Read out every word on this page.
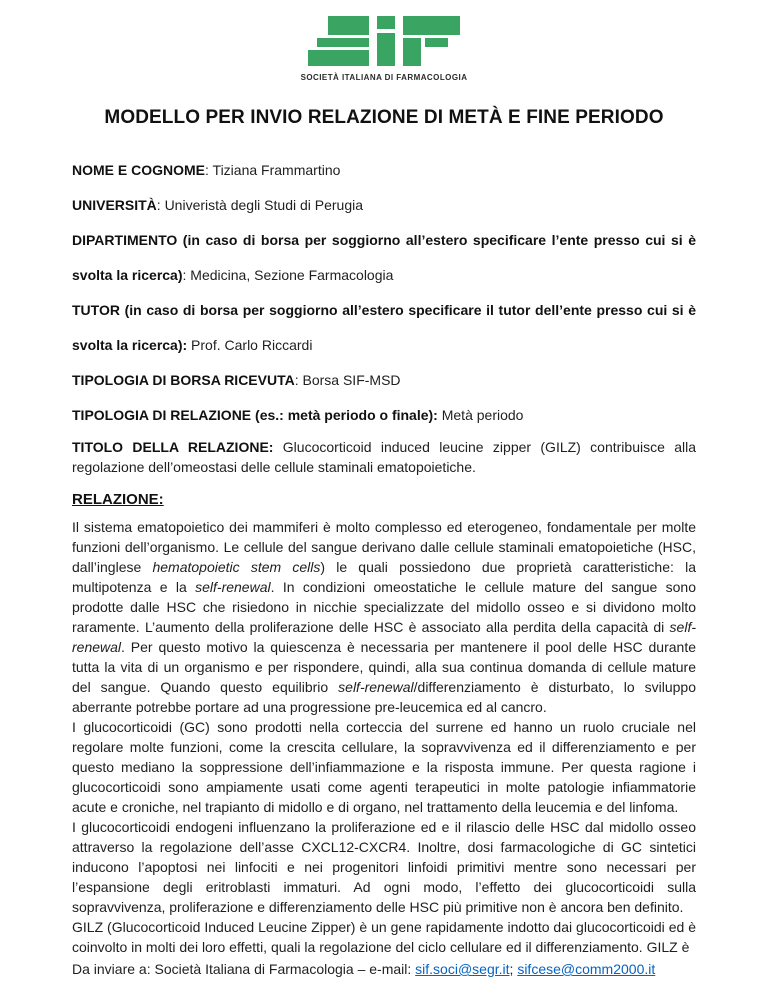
SOCIETÀ ITALIANA DI FARMACOLOGIA
MODELLO PER INVIO RELAZIONE DI METÀ E FINE PERIODO

NOME E COGNOME: Tiziana Frammartino

UNIVERSITÀ: Univeristà degli Studi di Perugia

DIPARTIMENTO (in caso di borsa per soggiorno all’estero specificare l’ente presso cui si è svolta la ricerca): Medicina, Sezione Farmacologia

TUTOR (in caso di borsa per soggiorno all’estero specificare il tutor dell’ente presso cui si è svolta la ricerca): Prof. Carlo Riccardi

TIPOLOGIA DI BORSA RICEVUTA: Borsa SIF-MSD

TIPOLOGIA DI RELAZIONE (es.: metà periodo o finale): Metà periodo

TITOLO DELLA RELAZIONE: Glucocorticoid induced leucine zipper (GILZ) contribuisce alla regolazione dell’omeostasi delle cellule staminali ematopoietiche.

RELAZIONE:

Il sistema ematopoietico dei mammiferi è molto complesso ed eterogeneo, fondamentale per molte funzioni dell’organismo. Le cellule del sangue derivano dalle cellule staminali ematopoietiche (HSC, dall’inglese hematopoietic stem cells) le quali possiedono due proprietà caratteristiche: la multipotenza e la self-renewal. In condizioni omeostatiche le cellule mature del sangue sono prodotte dalle HSC che risiedono in nicchie specializzate del midollo osseo e si dividono molto raramente. L’aumento della proliferazione delle HSC è associato alla perdita della capacità di self-renewal. Per questo motivo la quiescenza è necessaria per mantenere il pool delle HSC durante tutta la vita di un organismo e per rispondere, quindi, alla sua continua domanda di cellule mature del sangue. Quando questo equilibrio self-renewal/differenziamento è disturbato, lo sviluppo aberrante potrebbe portare ad una progressione pre-leucemica ed al cancro.

I glucocorticoidi (GC) sono prodotti nella corteccia del surrene ed hanno un ruolo cruciale nel regolare molte funzioni, come la crescita cellulare, la sopravvivenza ed il differenziamento e per questo mediano la soppressione dell’infiammazione e la risposta immune. Per questa ragione i glucocorticoidi sono ampiamente usati come agenti terapeutici in molte patologie infiammatorie acute e croniche, nel trapianto di midollo e di organo, nel trattamento della leucemia e del linfoma.

I glucocorticoidi endogeni influenzano la proliferazione ed e il rilascio delle HSC dal midollo osseo attraverso la regolazione dell’asse CXCL12-CXCR4. Inoltre, dosi farmacologiche di GC sintetici inducono l’apoptosi nei linfociti e nei progenitori linfoidi primitivi mentre sono necessari per l’espansione degli eritroblasti immaturi. Ad ogni modo, l’effetto dei glucocorticoidi sulla sopravvivenza, proliferazione e differenziamento delle HSC più primitive non è ancora ben definito.

GILZ (Glucocorticoid Induced Leucine Zipper) è un gene rapidamente indotto dai glucocorticoidi ed è coinvolto in molti dei loro effetti, quali la regolazione del ciclo cellulare ed il differenziamento. GILZ è

Da inviare a: Società Italiana di Farmacologia – e-mail: sif.soci@segr.it; sifcese@comm2000.it
